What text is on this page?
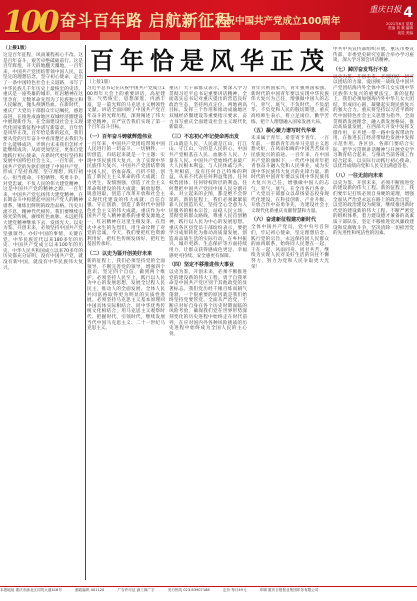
100 奋斗百年路 启航新征程
庆祝中国共产党成立100周年
重庆日报 4
2021年6月 星期
责编 刘 秦 编辑
视觉 美编
（上接1版）
这是百年征程，风雨兼程初心不改。这是百年奋斗，艰苦卓绝砥砺前行。这是百年辉煌，开天辟地翻天覆地。一百年来，中国共产党团结带领中国人民，以坚定的理想信念，坚守初心使命，走出了一条中国特色社会主义道路，书写了中华民族几千年历史上最恢宏的史诗。重庆是一座英雄的城市，红岩精神在这里孕育，无数革命先烈为了民族独立和人民解放，抛头颅洒热血。在新时代，重庆广大党员干部群众牢记嘱托，感恩奋进，在推进成渝地区双城经济圈建设中展现新作为，在全面建设社会主义现代化国家新征程中谱写新篇章。百年恰是风华正茂，百年恰是新的起点，我们要从党的百年奋斗中看清楚过去我们为什么能够成功，弄明白未来我们怎样才能继续成功，从而更加坚定、更加自觉地践行初心使命，在新时代更好坚持和发展中国特色社会主义。一百年前，中国共产党的先驱们创建了中国共产党，形成了坚持真理、坚守理想，践行初心、担当使命，不怕牺牲、英勇斗争，对党忠诚、不负人民的伟大建党精神，这是中国共产党的精神之源。一百年来，中国共产党弘扬伟大建党精神，在长期奋斗中构建起中国共产党人的精神谱系，锤炼出鲜明的政治品格。历史川流不息，精神代代相传。我们要继续弘扬光荣传统、赓续红色血脉，永远把伟大建党精神继承下去、发扬光大。以史为鉴、开创未来，必须坚持中国共产党坚强领导。办好中国的事情，关键在党。中华民族近代以来180多年的历史、中国共产党成立以来100年的历史、中华人民共和国成立以来70多年的历史都充分证明，没有中国共产党，就没有新中国，就没有中华民族伟大复兴。
百年恰是风华正茂
（上接1版）
习近平总书记在庆祝中国共产党成立100周年大会上的重要讲话，高屋建瓴、气势恢宏，思想深邃、内涵丰富，是一篇光辉的马克思主义纲领性文献。讲话全面回顾了中国共产党百年奋斗的光辉历程，深刻阐述了伟大建党精神，庄严宣告我们实现了第一个百年奋斗目标。
（一）百年奋斗铸就辉煌伟业
一百年来，中国共产党团结带领中国人民进行的一切奋斗、一切牺牲、一切创造，归结起来就是一个主题：实现中华民族伟大复兴。为了实现中华民族伟大复兴，中国共产党团结带领中国人民，浴血奋战、百折不挠，创造了新民主主义革命的伟大成就；自力更生、发愤图强，创造了社会主义革命和建设的伟大成就；解放思想、锐意进取，创造了改革开放和社会主义现代化建设的伟大成就；自信自强、守正创新，创造了新时代中国特色社会主义的伟大成就。重庆作为中国共产党人精神谱系的重要发源地之一，红岩精神在这里生根发芽。在烈火中永生的先烈们，用生命诠释了对党的忠诚。今天，我们要把红色资源利用好、把红色传统发扬好、把红色基因传承好。
（二）以史为鉴开创美好未来
新的征程上，我们必须坚持党的全面领导，不断完善党的领导，增强四个意识、坚定四个自信、做到两个维护。必须坚持人民至上，践行以人民为中心的发展思想，发展全过程人民民主，推动人的全面发展、全体人民共同富裕取得更为明显的实质性进展。必须坚持马克思主义基本原理同中国具体实际相结合、同中华优秀传统文化相结合，用马克思主义观察时代、把握时代、引领时代，继续发展当代中国马克思主义、二十一世纪马克思主义。
重庆广大干部群众表示，要深入学习贯彻习近平总书记重要讲话精神，全面落实总书记对重庆提出的营造良好政治生态，坚持两点定位、两地两高目标，发挥三个作用和推动成渝地区双城经济圈建设等重要指示要求，奋力书写重庆全面建设社会主义现代化新篇章。
（三）不忘初心牢记使命再出发
江山就是人民，人民就是江山，打江山、守江山，守的是人民的心。中国共产党根基在人民、血脉在人民、力量在人民。中国共产党始终代表最广大人民根本利益，与人民休戚与共、生死相依，没有任何自己特殊的利益，从来不代表任何利益集团、任何权势团体、任何特权阶层的利益。任何想把中国共产党同中国人民分割开来、对立起来的企图，都是绝不会得逞的。新的征程上，我们必须紧紧依靠人民创造历史，坚持全心全意为人民服务的根本宗旨，站稳人民立场，贯彻党的群众路线，尊重人民首创精神，践行以人民为中心的发展思想。重庆各区县党员干部纷纷表示，要把学习成果转化为推动高质量发展、创造高品质生活的实际行动，在乡村振兴、城市更新、生态保护等方面持续用力，让群众获得感成色更足、幸福感更可持续、安全感更有保障。
（四）坚定不移推进伟大事业
以史为鉴、开创未来，必须不断推进党的建设新的伟大工程。勇于自我革命是中国共产党区别于其他政党的显著标志。我们党历经千锤百炼而朝气蓬勃，一个很重要的原因就是我们始终坚持党要管党、全面从严治党，不断应对好自身在各个历史时期面临的风险考验，确保我们党在世界形势深刻变化的历史进程中始终走在时代前列，在应对国内外各种风险挑战的历史进程中始终成为全国人民的主心骨。
青年兴则国家兴，青年强则国家强。新时代的中国青年要以实现中华民族伟大复兴为己任，增强做中国人的志气、骨气、底气，不负时代，不负韶华，不负党和人民的殷切期望。重庆高校师生表示，将立足岗位、勤学苦练，把个人理想融入国家发展大局。
（五）凝心聚力谱写时代华章
未来属于青年，希望寄予青年。一百年前，一群新青年高举马克思主义思想火炬，在风雨如晦的中国苦苦探寻民族复兴的前途。一百年来，在中国共产党的旗帜下，一代代中国青年把青春奋斗融入党和人民事业，成为实现中华民族伟大复兴的先锋力量。新时代的中国青年要以实现中华民族伟大复兴为己任，增强做中国人的志气、骨气、底气。在全市各行各业，广大党员干部群众以昂扬姿态投身现代化建设，在科技创新、产业升级、开放合作中奋勇争先，为建设社会主义现代化新重庆贡献智慧和力量。
（六）奋进新征程建功新时代
全体中国共产党员，党中央号召你们，牢记初心使命，坚定理想信念，践行党的宗旨，永远保持同人民群众的血肉联系，始终同人民想在一起、干在一起，风雨同舟、同甘共苦，继续为实现人民对美好生活的向往不懈努力，努力为党和人民争取更大光荣！
中共中央宣传部组织开展。重庆市委宣传部、市委党史研究室联合举办学习座谈，深入学习领会讲话精神。
（七）踔厉奋发笃行不怠
以史为鉴、开创未来，必须团结一切可以团结的力量。爱国统一战线是中国共产党团结海内外全体中华儿女实现中华民族伟大复兴的重要法宝。新的征程上，我们必须加强海内外中华儿女大团结，形成同心圆，凝聚起实现民族复兴的强大合力。重庆将坚持以习近平新时代中国特色社会主义思想为指导，全面贯彻新发展理念，融入新发展格局，推动高质量发展，在西部大开发中发挥支撑作用，在共建一带一路中发挥带动作用，在推进长江经济带绿色发展中发挥示范作用。各区县、各部门要结合实际，把学习贯彻讲话精神与开展党史学习教育结合起来，与推动当前各项工作结合起来，以实际行动践行初心使命，以优异成绩向党和人民交出满意答卷。
（八）一往无前向未来
以史为鉴、开创未来，必须不断推进党的建设新的伟大工程。新的征程上，我们要牢记打铁必须自身硬的道理，增强全面从严治党永远在路上的政治自觉，以党的政治建设为统领，继续推进新时代党的建设新的伟大工程，不断严密党的组织体系，着力建设德才兼备的高素质干部队伍，坚定不移推进党风廉政建设和反腐败斗争，坚决清除一切损害党的先进性和纯洁性的因素。
本报地址 重庆市渝北区同茂大道416号	邮政编码 401120	广告许可证 渝工商广字	发行热线 023-63907188	定价 每月49元	印刷 重庆日报报业集团印务有限公司
